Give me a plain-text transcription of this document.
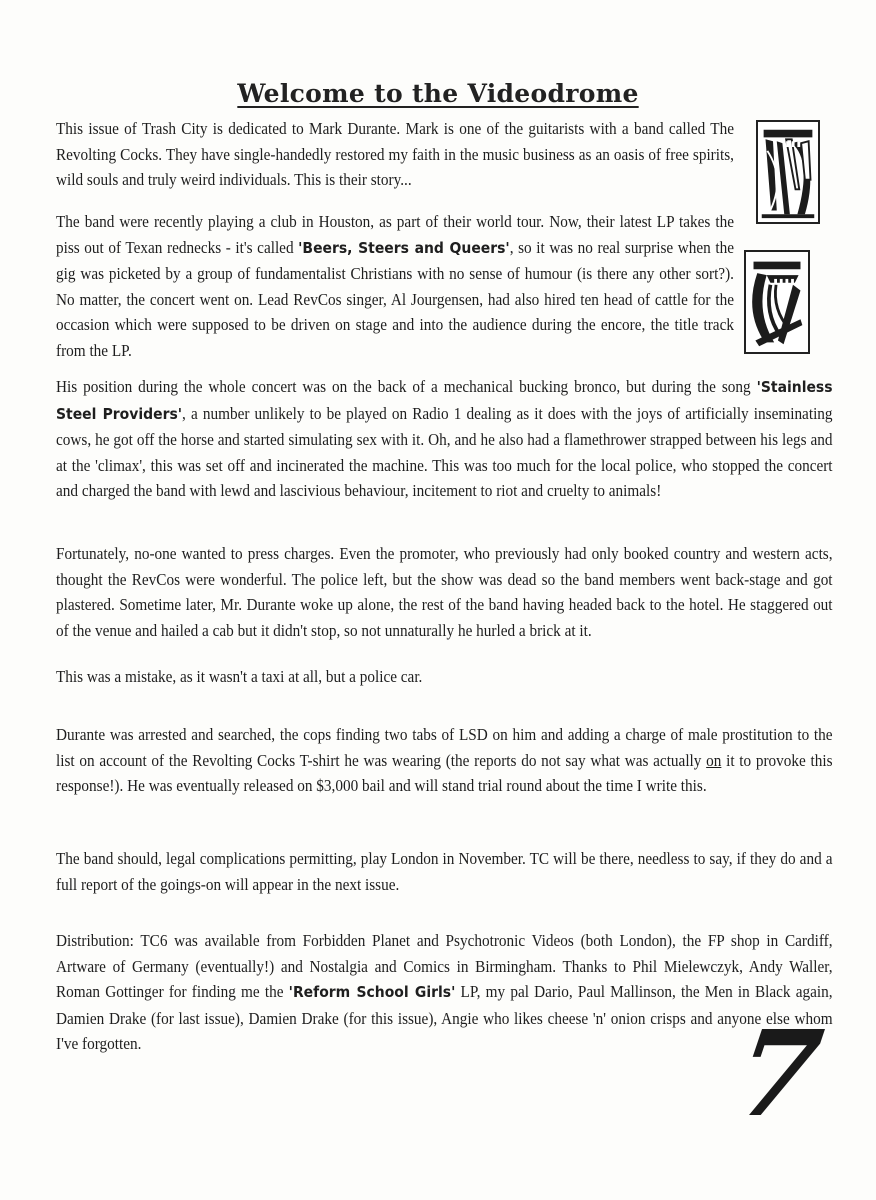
Welcome to the Videodrome

This issue of Trash City is dedicated to Mark Durante. Mark is one of the guitarists with a band called The Revolting Cocks. They have single-handedly restored my faith in the music business as an oasis of free spirits, wild souls and truly weird individuals. This is their story...

The band were recently playing a club in Houston, as part of their world tour. Now, their latest LP takes the piss out of Texan rednecks - it's called 'Beers, Steers and Queers', so it was no real surprise when the gig was picketed by a group of fundamentalist Christians with no sense of humour (is there any other sort?). No matter, the concert went on. Lead RevCos singer, Al Jourgensen, had also hired ten head of cattle for the occasion which were supposed to be driven on stage and into the audience during the encore, the title track from the LP.

His position during the whole concert was on the back of a mechanical bucking bronco, but during the song 'Stainless Steel Providers', a number unlikely to be played on Radio 1 dealing as it does with the joys of artificially inseminating cows, he got off the horse and started simulating sex with it. Oh, and he also had a flamethrower strapped between his legs and at the 'climax', this was set off and incinerated the machine. This was too much for the local police, who stopped the concert and charged the band with lewd and lascivious behaviour, incitement to riot and cruelty to animals!

Fortunately, no-one wanted to press charges. Even the promoter, who previously had only booked country and western acts, thought the RevCos were wonderful. The police left, but the show was dead so the band members went back-stage and got plastered. Sometime later, Mr. Durante woke up alone, the rest of the band having headed back to the hotel. He staggered out of the venue and hailed a cab but it didn't stop, so not unnaturally he hurled a brick at it.

This was a mistake, as it wasn't a taxi at all, but a police car.

Durante was arrested and searched, the cops finding two tabs of LSD on him and adding a charge of male prostitution to the list on account of the Revolting Cocks T-shirt he was wearing (the reports do not say what was actually on it to provoke this response!). He was eventually released on $3,000 bail and will stand trial round about the time I write this.

The band should, legal complications permitting, play London in November. TC will be there, needless to say, if they do and a full report of the goings-on will appear in the next issue.

Distribution: TC6 was available from Forbidden Planet and Psychotronic Videos (both London), the FP shop in Cardiff, Artware of Germany (eventually!) and Nostalgia and Comics in Birmingham. Thanks to Phil Mielewczyk, Andy Waller, Roman Gottinger for finding me the 'Reform School Girls' LP, my pal Dario, Paul Mallinson, the Men in Black again, Damien Drake (for last issue), Damien Drake (for this issue), Angie who likes cheese 'n' onion crisps and anyone else whom I've forgotten.	7
